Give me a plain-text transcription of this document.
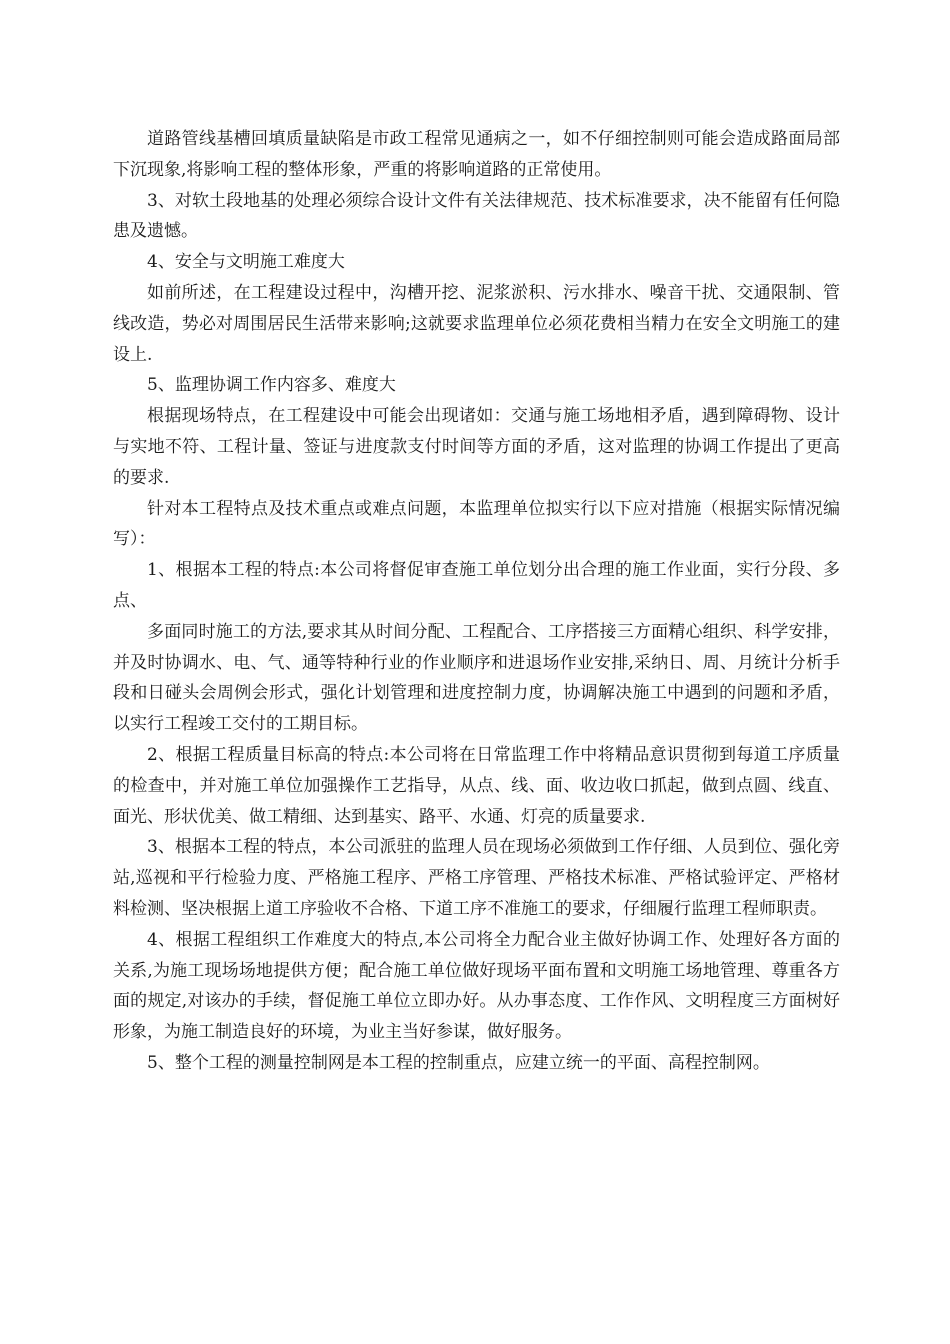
道路管线基槽回填质量缺陷是市政工程常见通病之一，如不仔细控制则可能会造成路面局部下沉现象,将影响工程的整体形象，严重的将影响道路的正常使用。

3、对软土段地基的处理必须综合设计文件有关法律规范、技术标准要求，决不能留有任何隐患及遗憾。

4、安全与文明施工难度大

如前所述，在工程建设过程中，沟槽开挖、泥浆淤积、污水排水、噪音干扰、交通限制、管线改造，势必对周围居民生活带来影响;这就要求监理单位必须花费相当精力在安全文明施工的建设上.

5、监理协调工作内容多、难度大

根据现场特点，在工程建设中可能会出现诸如：交通与施工场地相矛盾，遇到障碍物、设计与实地不符、工程计量、签证与进度款支付时间等方面的矛盾，这对监理的协调工作提出了更高的要求.

针对本工程特点及技术重点或难点问题，本监理单位拟实行以下应对措施（根据实际情况编写）：

1、根据本工程的特点:本公司将督促审查施工单位划分出合理的施工作业面，实行分段、多点、

多面同时施工的方法,要求其从时间分配、工程配合、工序搭接三方面精心组织、科学安排，并及时协调水、电、气、通等特种行业的作业顺序和进退场作业安排,采纳日、周、月统计分析手段和日碰头会周例会形式，强化计划管理和进度控制力度，协调解决施工中遇到的问题和矛盾，以实行工程竣工交付的工期目标。

2、根据工程质量目标高的特点:本公司将在日常监理工作中将精品意识贯彻到每道工序质量的检查中，并对施工单位加强操作工艺指导，从点、线、面、收边收口抓起，做到点圆、线直、面光、形状优美、做工精细、达到基实、路平、水通、灯亮的质量要求.

3、根据本工程的特点，本公司派驻的监理人员在现场必须做到工作仔细、人员到位、强化旁站,巡视和平行检验力度、严格施工程序、严格工序管理、严格技术标准、严格试验评定、严格材料检测、坚决根据上道工序验收不合格、下道工序不准施工的要求，仔细履行监理工程师职责。

4、根据工程组织工作难度大的特点,本公司将全力配合业主做好协调工作、处理好各方面的关系,为施工现场场地提供方便；配合施工单位做好现场平面布置和文明施工场地管理、尊重各方面的规定,对该办的手续，督促施工单位立即办好。从办事态度、工作作风、文明程度三方面树好形象，为施工制造良好的环境，为业主当好参谋，做好服务。

5、整个工程的测量控制网是本工程的控制重点，应建立统一的平面、高程控制网。
